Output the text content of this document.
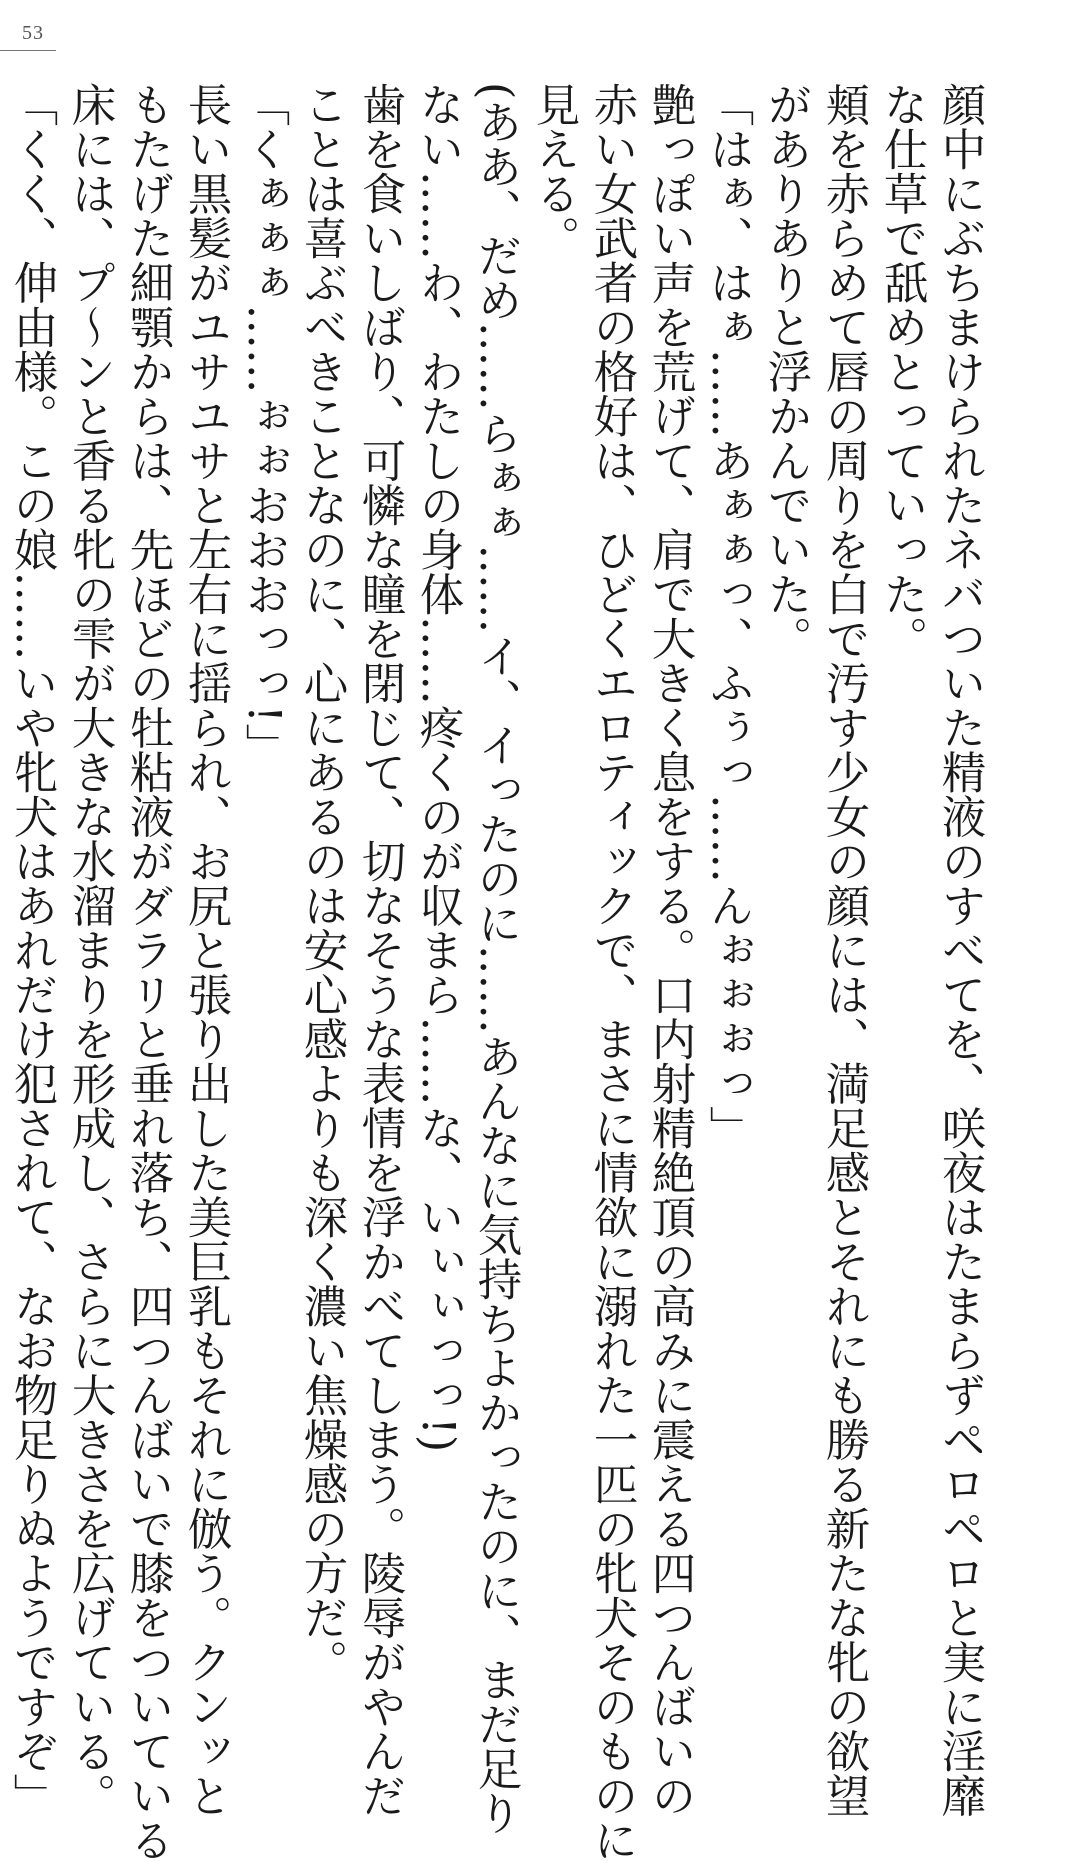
53
顔中にぶちまけられたネバついた精液のすべてを、咲夜はたまらずペロペロと実に淫靡
な仕草で舐めとっていった。
頬を赤らめて唇の周りを白で汚す少女の顔には、満足感とそれにも勝る新たな牝の欲望
がありありと浮かんでいた。
「はぁ、はぁ……あぁぁっ、ふぅっ……んぉぉぉっ」
艶っぽい声を荒げて、肩で大きく息をする。口内射精絶頂の高みに震える四つんばいの
赤い女武者の格好は、ひどくエロティックで、まさに情欲に溺れた一匹の牝犬そのものに
見える。
(ああ、だめ……らぁぁ……イ、イったのに……あんなに気持ちよかったのに、まだ足り
ない……わ、わたしの身体……疼くのが収まら……な、いぃぃっっ!)
歯を食いしばり、可憐な瞳を閉じて、切なそうな表情を浮かべてしまう。陵辱がやんだ
ことは喜ぶべきことなのに、心にあるのは安心感よりも深く濃い焦燥感の方だ。
「くぁぁぁ……ぉぉおおおっっ!」
長い黒髪がユサユサと左右に揺られ、お尻と張り出した美巨乳もそれに倣う。クンッと
もたげた細顎からは、先ほどの牡粘液がダラリと垂れ落ち、四つんばいで膝をついている
床には、プ～ンと香る牝の雫が大きな水溜まりを形成し、さらに大きさを広げている。
「くく、伸由様。この娘……いや牝犬はあれだけ犯されて、なお物足りぬようですぞ」
